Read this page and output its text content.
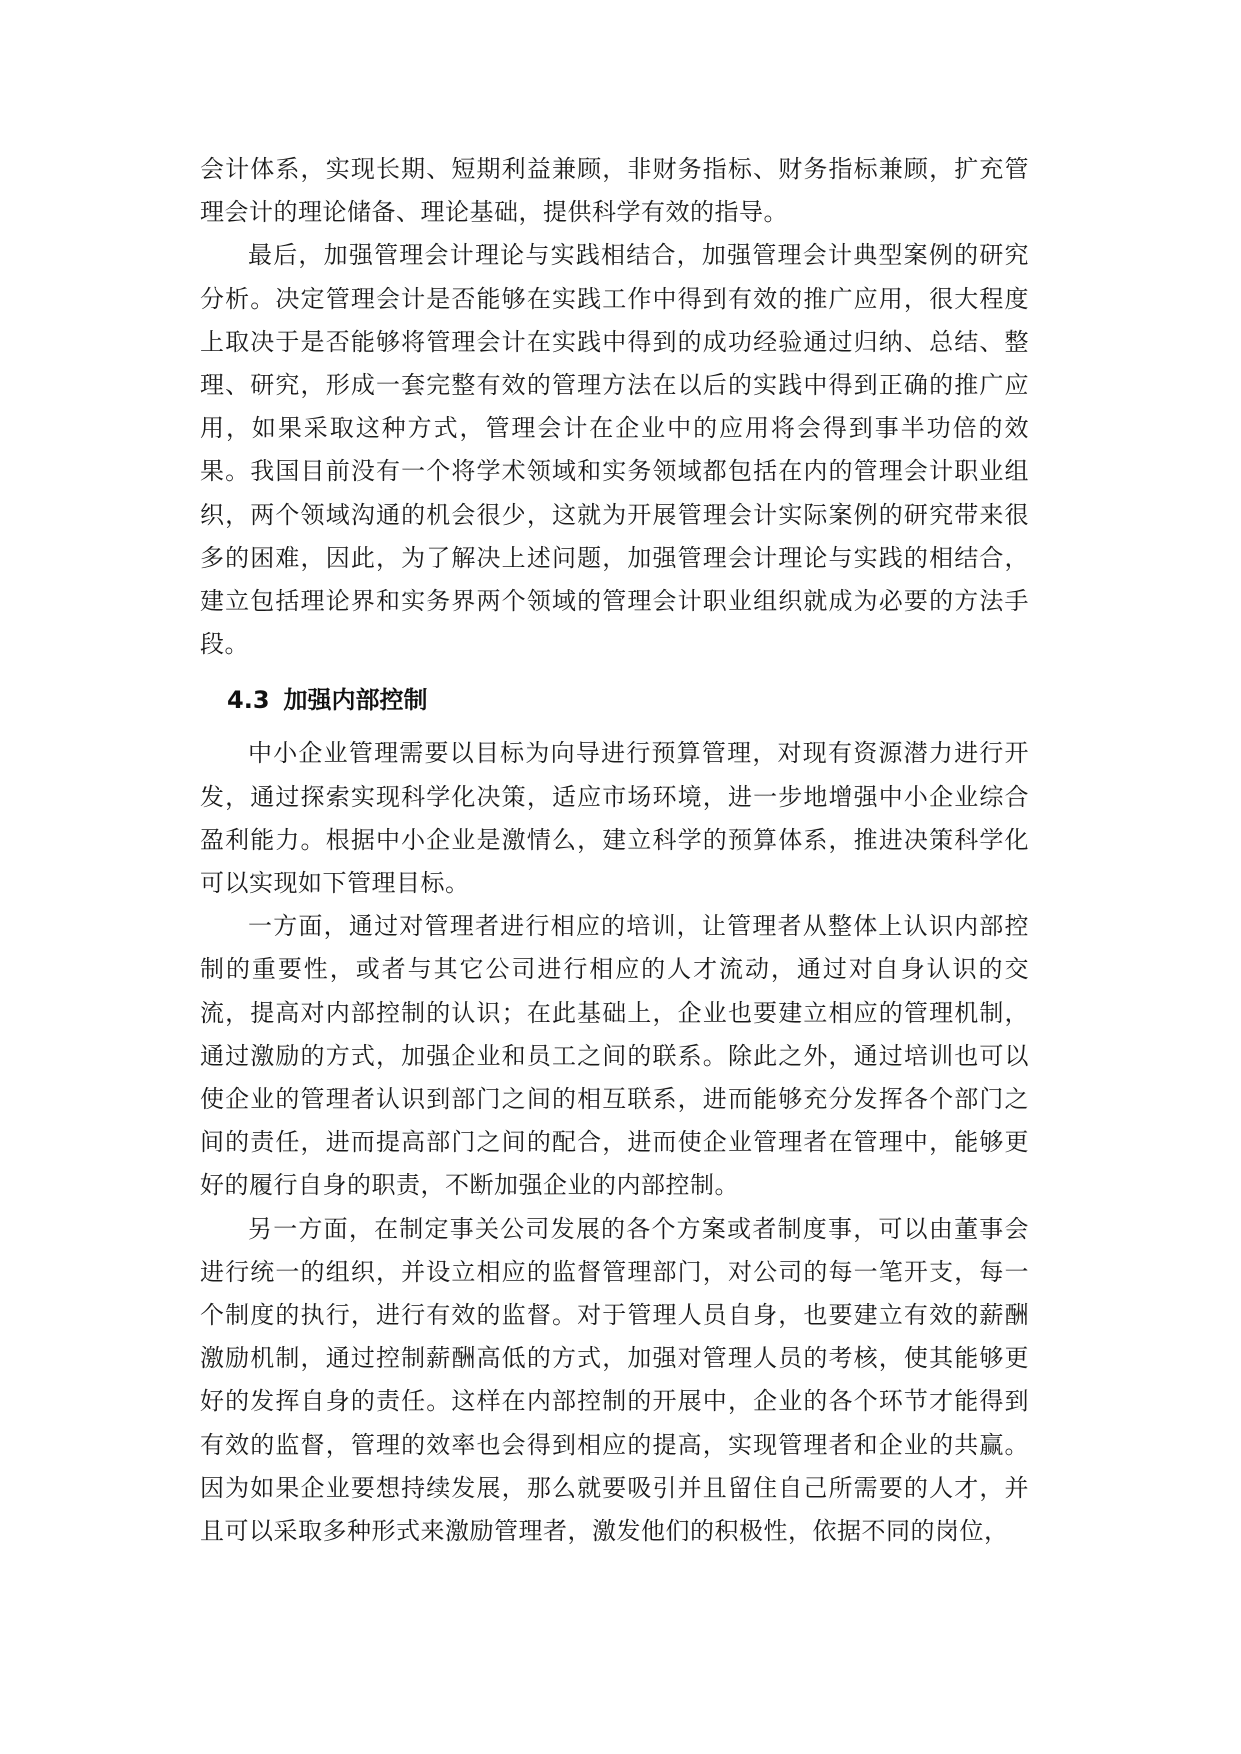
会计体系，实现长期、短期利益兼顾，非财务指标、财务指标兼顾，扩充管理会计的理论储备、理论基础，提供科学有效的指导。

最后，加强管理会计理论与实践相结合，加强管理会计典型案例的研究分析。决定管理会计是否能够在实践工作中得到有效的推广应用，很大程度上取决于是否能够将管理会计在实践中得到的成功经验通过归纳、总结、整理、研究，形成一套完整有效的管理方法在以后的实践中得到正确的推广应用，如果采取这种方式，管理会计在企业中的应用将会得到事半功倍的效果。我国目前没有一个将学术领域和实务领域都包括在内的管理会计职业组织，两个领域沟通的机会很少，这就为开展管理会计实际案例的研究带来很多的困难，因此，为了解决上述问题，加强管理会计理论与实践的相结合，建立包括理论界和实务界两个领域的管理会计职业组织就成为必要的方法手段。

4.3 加强内部控制

中小企业管理需要以目标为向导进行预算管理，对现有资源潜力进行开发，通过探索实现科学化决策，适应市场环境，进一步地增强中小企业综合盈利能力。根据中小企业是激情么，建立科学的预算体系，推进决策科学化可以实现如下管理目标。

一方面，通过对管理者进行相应的培训，让管理者从整体上认识内部控制的重要性，或者与其它公司进行相应的人才流动，通过对自身认识的交流，提高对内部控制的认识；在此基础上，企业也要建立相应的管理机制，通过激励的方式，加强企业和员工之间的联系。除此之外，通过培训也可以使企业的管理者认识到部门之间的相互联系，进而能够充分发挥各个部门之间的责任，进而提高部门之间的配合，进而使企业管理者在管理中，能够更好的履行自身的职责，不断加强企业的内部控制。

另一方面，在制定事关公司发展的各个方案或者制度事，可以由董事会进行统一的组织，并设立相应的监督管理部门，对公司的每一笔开支，每一个制度的执行，进行有效的监督。对于管理人员自身，也要建立有效的薪酬激励机制，通过控制薪酬高低的方式，加强对管理人员的考核，使其能够更好的发挥自身的责任。这样在内部控制的开展中，企业的各个环节才能得到有效的监督，管理的效率也会得到相应的提高，实现管理者和企业的共赢。因为如果企业要想持续发展，那么就要吸引并且留住自己所需要的人才，并且可以采取多种形式来激励管理者，激发他们的积极性，依据不同的岗位，
